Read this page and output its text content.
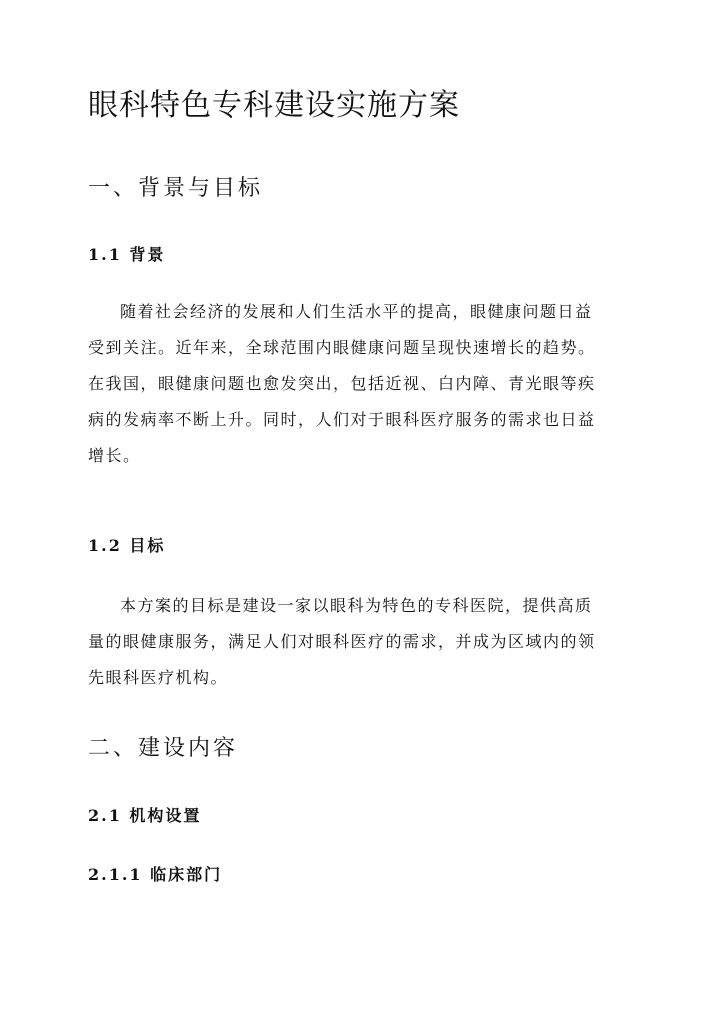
眼科特色专科建设实施方案
一、背景与目标
1.1 背景
随着社会经济的发展和人们生活水平的提高，眼健康问题日益
受到关注。近年来，全球范围内眼健康问题呈现快速增长的趋势。
在我国，眼健康问题也愈发突出，包括近视、白内障、青光眼等疾
病的发病率不断上升。同时，人们对于眼科医疗服务的需求也日益
增长。
1.2 目标
本方案的目标是建设一家以眼科为特色的专科医院，提供高质
量的眼健康服务，满足人们对眼科医疗的需求，并成为区域内的领
先眼科医疗机构。
二、建设内容
2.1 机构设置
2.1.1 临床部门
